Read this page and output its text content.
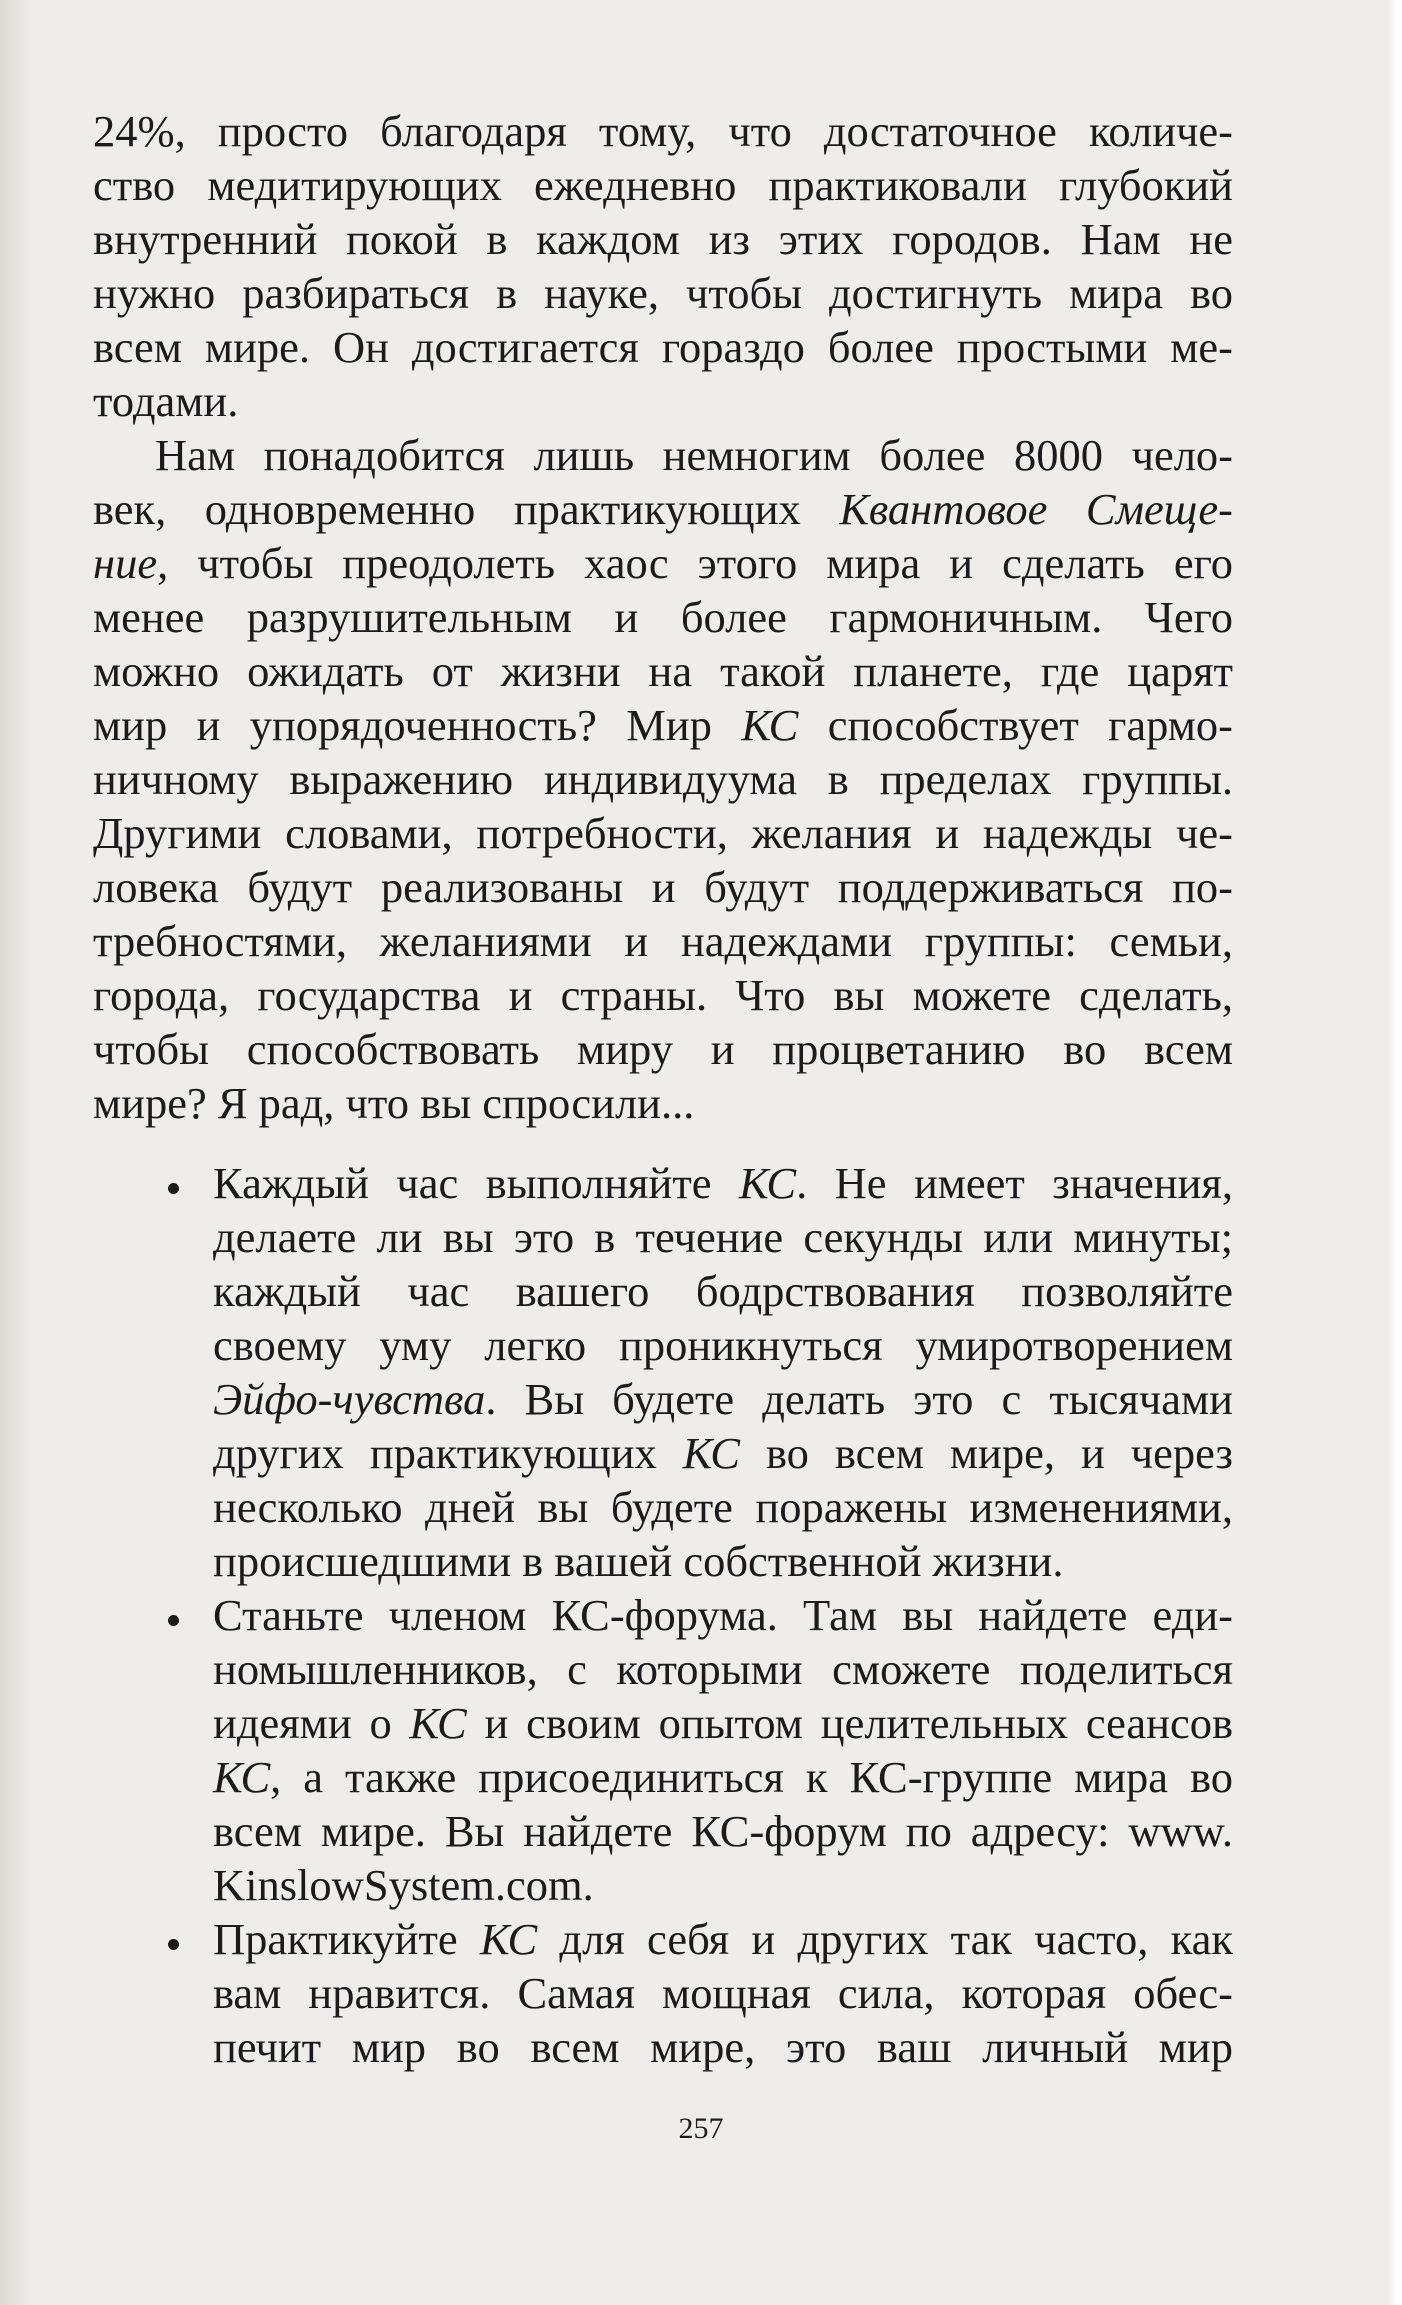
24%, просто благодаря тому, что достаточное количе-
ство медитирующих ежедневно практиковали глубокий
внутренний покой в каждом из этих городов. Нам не
нужно разбираться в науке, чтобы достигнуть мира во
всем мире. Он достигается гораздо более простыми ме-
тодами.
Нам понадобится лишь немногим более 8000 чело-
век, одновременно практикующих Квантовое Смеще-
ние, чтобы преодолеть хаос этого мира и сделать его
менее разрушительным и более гармоничным. Чего
можно ожидать от жизни на такой планете, где царят
мир и упорядоченность? Мир КС способствует гармо-
ничному выражению индивидуума в пределах группы.
Другими словами, потребности, желания и надежды че-
ловека будут реализованы и будут поддерживаться по-
требностями, желаниями и надеждами группы: семьи,
города, государства и страны. Что вы можете сделать,
чтобы способствовать миру и процветанию во всем
мире? Я рад, что вы спросили...
Каждый час выполняйте КС. Не имеет значения,
делаете ли вы это в течение секунды или минуты;
каждый час вашего бодрствования позволяйте
своему уму легко проникнуться умиротворением
Эйфо-чувства. Вы будете делать это с тысячами
других практикующих КС во всем мире, и через
несколько дней вы будете поражены изменениями,
происшедшими в вашей собственной жизни.
Станьте членом КС-форума. Там вы найдете еди-
номышленников, с которыми сможете поделиться
идеями о КС и своим опытом целительных сеансов
КС, а также присоединиться к КС-группе мира во
всем мире. Вы найдете КС-форум по адресу: www.
KinslowSystem.com.
Практикуйте КС для себя и других так часто, как
вам нравится. Самая мощная сила, которая обес-
печит мир во всем мире, это ваш личный мир
257
